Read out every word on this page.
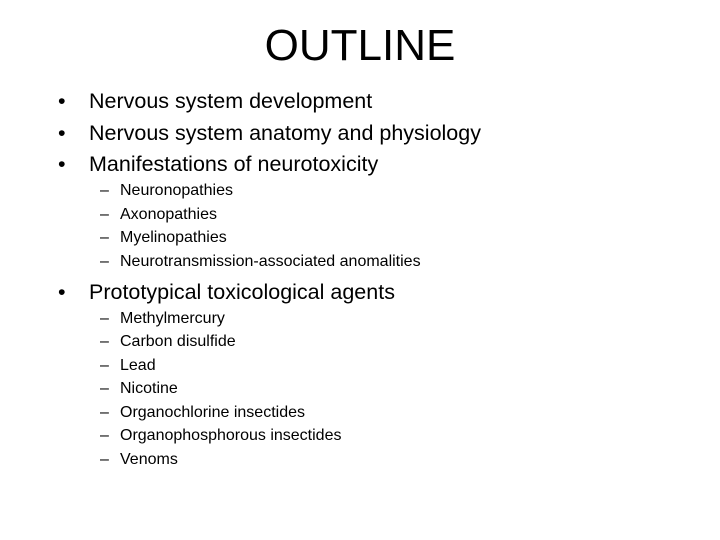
OUTLINE
• Nervous system development
• Nervous system anatomy and physiology
• Manifestations of neurotoxicity
– Neuronopathies
– Axonopathies
– Myelinopathies
– Neurotransmission-associated anomalities
• Prototypical toxicological agents
– Methylmercury
– Carbon disulfide
– Lead
– Nicotine
– Organochlorine insectides
– Organophosphorous insectides
– Venoms
